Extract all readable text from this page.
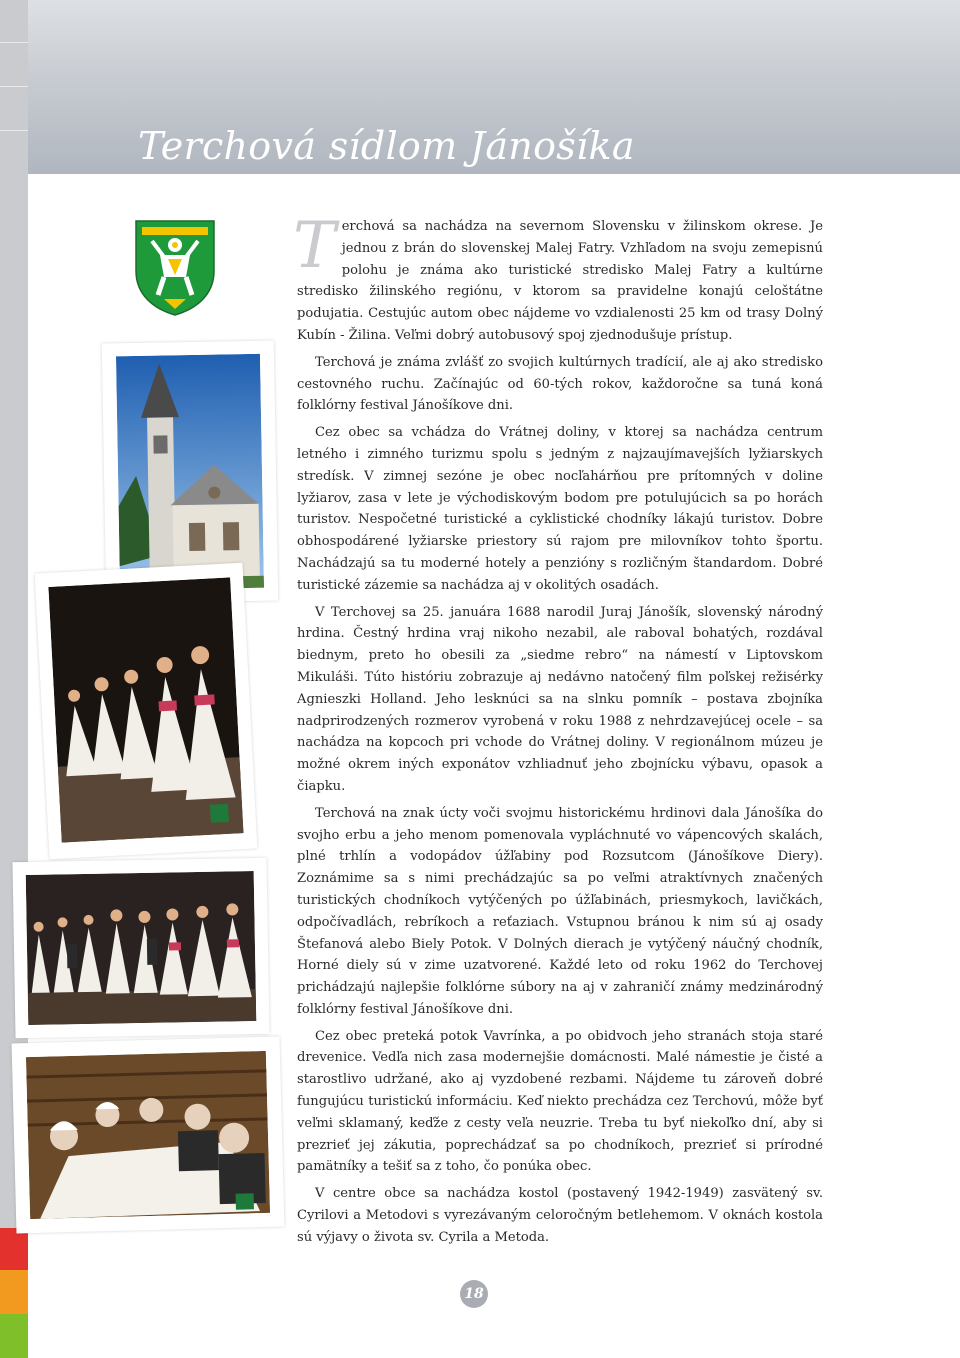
Terchová sídlom Jánošíka

Terchová sa nachádza na severnom Slovensku v žilinskom okrese. Je jednou z brán do slovenskej Malej Fatry. Vzhľadom na svoju zemepisnú polohu je známa ako turistické stredisko Malej Fatry a kultúrne stredisko žilinského regiónu, v ktorom sa pravidelne konajú celoštátne podujatia. Cestujúc autom obec nájdeme vo vzdialenosti 25 km od trasy Dolný Kubín - Žilina. Veľmi dobrý autobusový spoj zjednodušuje prístup.

Terchová je známa zvlášť zo svojich kultúrnych tradícií, ale aj ako stredisko cestovného ruchu. Začínajúc od 60-tých rokov, každoročne sa tuná koná folklórny festival Jánošíkove dni.

Cez obec sa vchádza do Vrátnej doliny, v ktorej sa nachádza centrum letného i zimného turizmu spolu s jedným z najzaujímavejších lyžiarskych stredísk. V zimnej sezóne je obec nocľahárňou pre prítomných v doline lyžiarov, zasa v lete je východiskovým bodom pre potulujúcich sa po horách turistov. Nespočetné turistické a cyklistické chodníky lákajú turistov. Dobre obhospodárené lyžiarske priestory sú rajom pre milovníkov tohto športu. Nachádzajú sa tu moderné hotely a penzióny s rozličným štandardom. Dobré turistické zázemie sa nachádza aj v okolitých osadách.

V Terchovej sa 25. januára 1688 narodil Juraj Jánošík, slovenský národný hrdina. Čestný hrdina vraj nikoho nezabil, ale raboval bohatých, rozdával biednym, preto ho obesili za „siedme rebro“ na námestí v Liptovskom Mikuláši. Túto históriu zobrazuje aj nedávno natočený film poľskej režisérky Agnieszki Holland. Jeho lesknúci sa na slnku pomník – postava zbojníka nadprirodzených rozmerov vyrobená v roku 1988 z nehrdzavejúcej ocele – sa nachádza na kopcoch pri vchode do Vrátnej doliny. V regionálnom múzeu je možné okrem iných exponátov vzhliadnuť jeho zbojnícku výbavu, opasok a čiapku.

Terchová na znak úcty voči svojmu historickému hrdinovi dala Jánošíka do svojho erbu a jeho menom pomenovala vypláchnuté vo vápencových skalách, plné trhlín a vodopádov úžľabiny pod Rozsutcom (Jánošíkove Diery). Zoznámime sa s nimi prechádzajúc sa po veľmi atraktívnych značených turistických chodníkoch vytýčených po úžľabinách, priesmykoch, lavičkách, odpočívadlách, rebríkoch a reťaziach. Vstupnou bránou k nim sú aj osady Štefanová alebo Biely Potok. V Dolných dierach je vytýčený náučný chodník, Horné diely sú v zime uzatvorené. Každé leto od roku 1962 do Terchovej prichádzajú najlepšie folklórne súbory na aj v zahraničí známy medzinárodný folklórny festival Jánošíkove dni.

Cez obec preteká potok Vavrínka, a po obidvoch jeho stranách stoja staré drevenice. Vedľa nich zasa modernejšie domácnosti. Malé námestie je čisté a starostlivo udržané, ako aj vyzdobené rezbami. Nájdeme tu zároveň dobré fungujúcu turistickú informáciu. Keď niekto prechádza cez Terchovú, môže byť veľmi sklamaný, keďže z cesty veľa neuzrie. Treba tu byť niekoľko dní, aby si prezrieť jej zákutia, poprechádzať sa po chodníkoch, prezrieť si prírodné pamätníky a tešiť sa z toho, čo ponúka obec.

V centre obce sa nachádza kostol (postavený 1942-1949) zasvätený sv. Cyrilovi a Metodovi s vyrezávaným celoročným betlehemom. V oknách kostola sú výjavy o života sv. Cyrila a Metoda.

18
